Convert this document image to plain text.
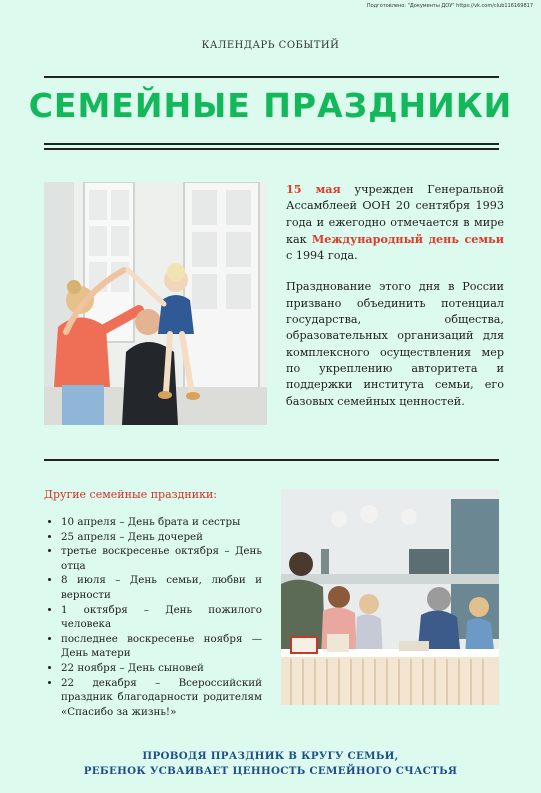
Подготовлено: "Документы ДОУ" https://vk.com/club116169817
КАЛЕНДАРЬ СОБЫТИЙ
СЕМЕЙНЫЕ ПРАЗДНИКИ

15 мая учрежден Генеральной Ассамблеей ООН 20 сентября 1993 года и ежегодно отмечается в мире как Международный день семьи с 1994 года.

Празднование этого дня в России призвано объединить потенциал государства, общества, образовательных организаций для комплексного осуществления мер по укреплению авторитета и поддержки института семьи, его базовых семейных ценностей.

Другие семейные праздники:
• 10 апреля – День брата и сестры
• 25 апреля – День дочерей
• третье воскресенье октября – День отца
• 8 июля – День семьи, любви и верности
• 1 октября – День пожилого человека
• последнее воскресенье ноября — День матери
• 22 ноября – День сыновей
• 22 декабря – Всероссийский праздник благодарности родителям «Спасибо за жизнь!»
ПРОВОДЯ ПРАЗДНИК В КРУГУ СЕМЬИ,
РЕБЕНОК УСВАИВАЕТ ЦЕННОСТЬ СЕМЕЙНОГО СЧАСТЬЯ
